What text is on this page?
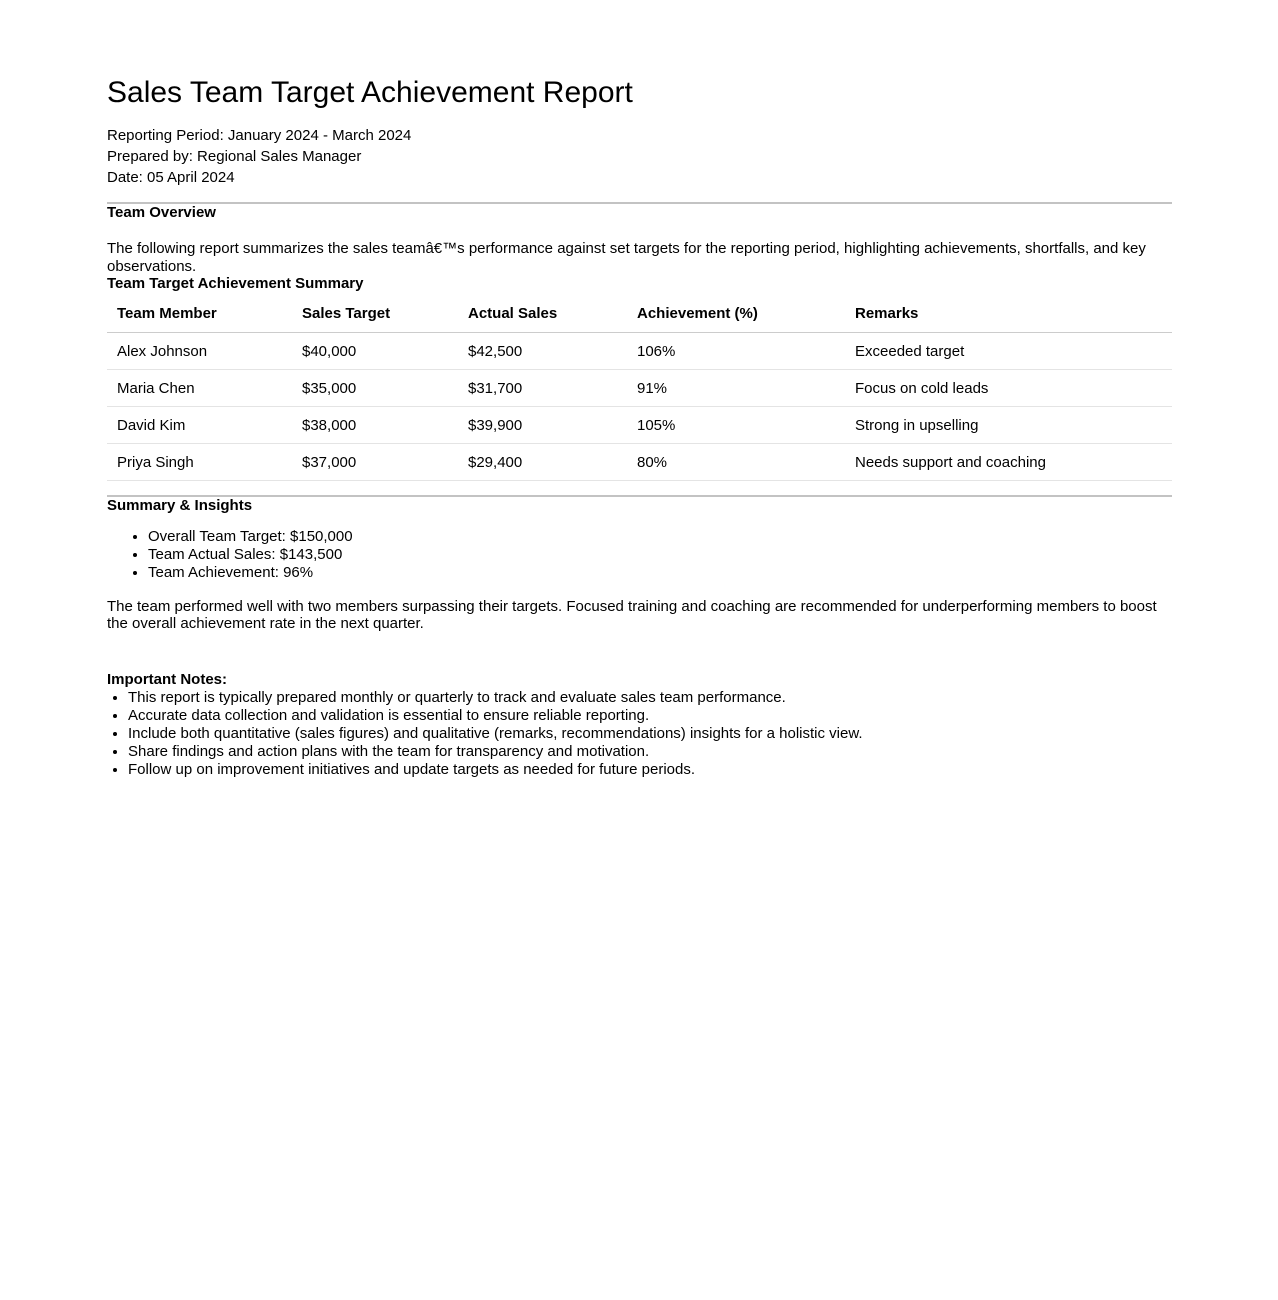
Sales Team Target Achievement Report
Reporting Period: January 2024 - March 2024
Prepared by: Regional Sales Manager
Date: 05 April 2024
Team Overview

The following report summarizes the sales teamâ€™s performance against set targets for the reporting period, highlighting achievements, shortfalls, and key observations.

Team Target Achievement Summary
Team Member	Sales Target	Actual Sales	Achievement (%)	Remarks
Alex Johnson	$40,000	$42,500	106%	Exceeded target
Maria Chen	$35,000	$31,700	91%	Focus on cold leads
David Kim	$38,000	$39,900	105%	Strong in upselling
Priya Singh	$37,000	$29,400	80%	Needs support and coaching
Summary & Insights
• Overall Team Target: $150,000
• Team Actual Sales: $143,500
• Team Achievement: 96%

The team performed well with two members surpassing their targets. Focused training and coaching are recommended for underperforming members to boost the overall achievement rate in the next quarter.

Important Notes:

• This report is typically prepared monthly or quarterly to track and evaluate sales team performance.
• Accurate data collection and validation is essential to ensure reliable reporting.
• Include both quantitative (sales figures) and qualitative (remarks, recommendations) insights for a holistic view.
• Share findings and action plans with the team for transparency and motivation.
• Follow up on improvement initiatives and update targets as needed for future periods.
